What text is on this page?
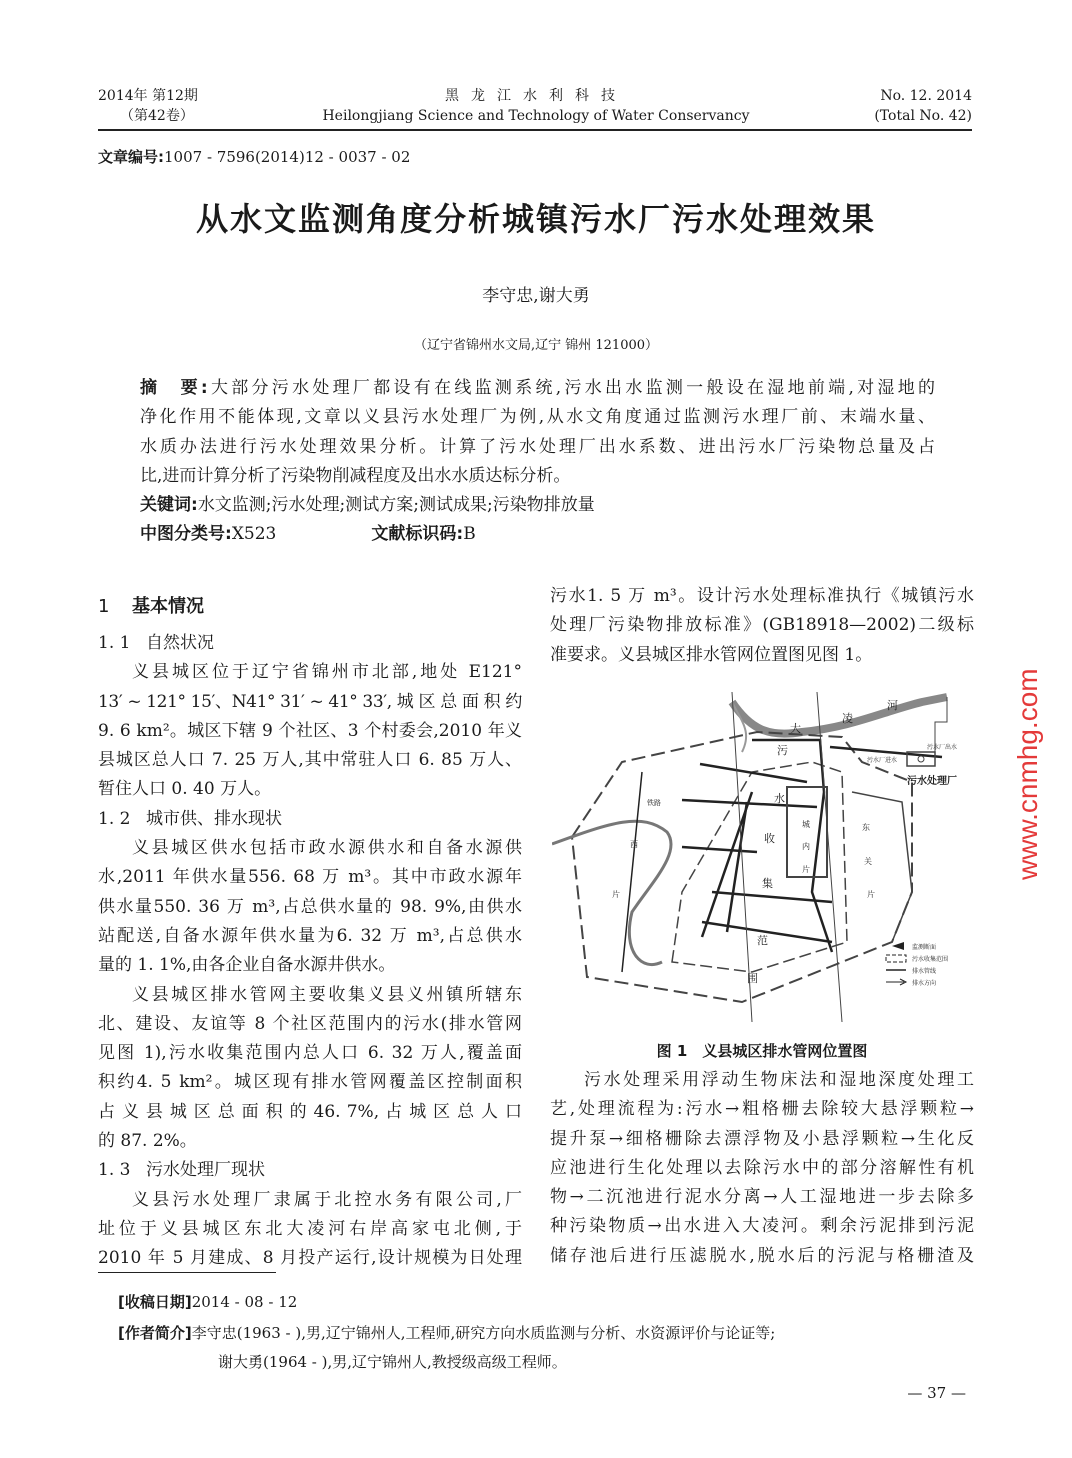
2014年 第12期
（第42卷）
黑龙江水利科技
Heilongjiang Science and Technology of Water Conservancy
No. 12. 2014
(Total No. 42)
文章编号:1007 - 7596(2014)12 - 0037 - 02
从水文监测角度分析城镇污水厂污水处理效果
李守忠,谢大勇
（辽宁省锦州水文局,辽宁 锦州 121000）
摘　要:大部分污水处理厂都设有在线监测系统,污水出水监测一般设在湿地前端,对湿地的
净化作用不能体现,文章以义县污水处理厂为例,从水文角度通过监测污水理厂前、末端水量、
水质办法进行污水处理效果分析。计算了污水处理厂出水系数、进出污水厂污染物总量及占
比,进而计算分析了污染物削减程度及出水水质达标分析。
关键词:水文监测;污水处理;测试方案;测试成果;污染物排放量
中图分类号:X523	文献标识码:B
1 基本情况
1. 1 自然状况
义县城区位于辽宁省锦州市北部,地处 E121°
13′ ~ 121° 15′、N41° 31′ ~ 41° 33′, 城 区 总 面 积 约
9. 6 km²。城区下辖 9 个社区、3 个村委会,2010 年义
县城区总人口 7. 25 万人,其中常驻人口 6. 85 万人、
暂住人口 0. 40 万人。
1. 2 城市供、排水现状
义县城区供水包括市政水源供水和自备水源供
水,2011 年供水量556. 68 万 m³。其中市政水源年
供水量550. 36 万 m³,占总供水量的 98. 9%,由供水
站配送,自备水源年供水量为6. 32 万 m³,占总供水
量的 1. 1%,由各企业自备水源井供水。
义县城区排水管网主要收集义县义州镇所辖东
北、建设、友谊等 8 个社区范围内的污水(排水管网
见图 1),污水收集范围内总人口 6. 32 万人,覆盖面
积约4. 5 km²。城区现有排水管网覆盖区控制面积
占 义 县 城 区 总 面 积 的 46. 7%, 占 城 区 总 人 口
的 87. 2%。
1. 3 污水处理厂现状
义县污水处理厂隶属于北控水务有限公司,厂
址位于义县城区东北大凌河右岸高家屯北侧,于
2010 年 5 月建成、8 月投产运行,设计规模为日处理
污水1. 5 万 m³。设计污水处理标准执行《城镇污水
处理厂污染物排放标准》(GB18918—2002)二级标
准要求。义县城区排水管网位置图见图 1。
大
凌
河
污水处理厂
污水厂出水
污水厂进水
污
水
收
集
范
围
铁路
西
片
城
内
片
东
关
片
监测断面
污水收集范围
排水管线
排水方向
图 1　义县城区排水管网位置图
污水处理采用浮动生物床法和湿地深度处理工
艺,处理流程为:污水→粗格栅去除较大悬浮颗粒→
提升泵→细格栅除去漂浮物及小悬浮颗粒→生化反
应池进行生化处理以去除污水中的部分溶解性有机
物→二沉池进行泥水分离→人工湿地进一步去除多
种污染物质→出水进入大凌河。剩余污泥排到污泥
储存池后进行压滤脱水,脱水后的污泥与格栅渣及
www.cnmhg.com
[收稿日期]2014 - 08 - 12
[作者简介]李守忠(1963 - ),男,辽宁锦州人,工程师,研究方向水质监测与分析、水资源评价与论证等;
谢大勇(1964 - ),男,辽宁锦州人,教授级高级工程师。
— 37 —
